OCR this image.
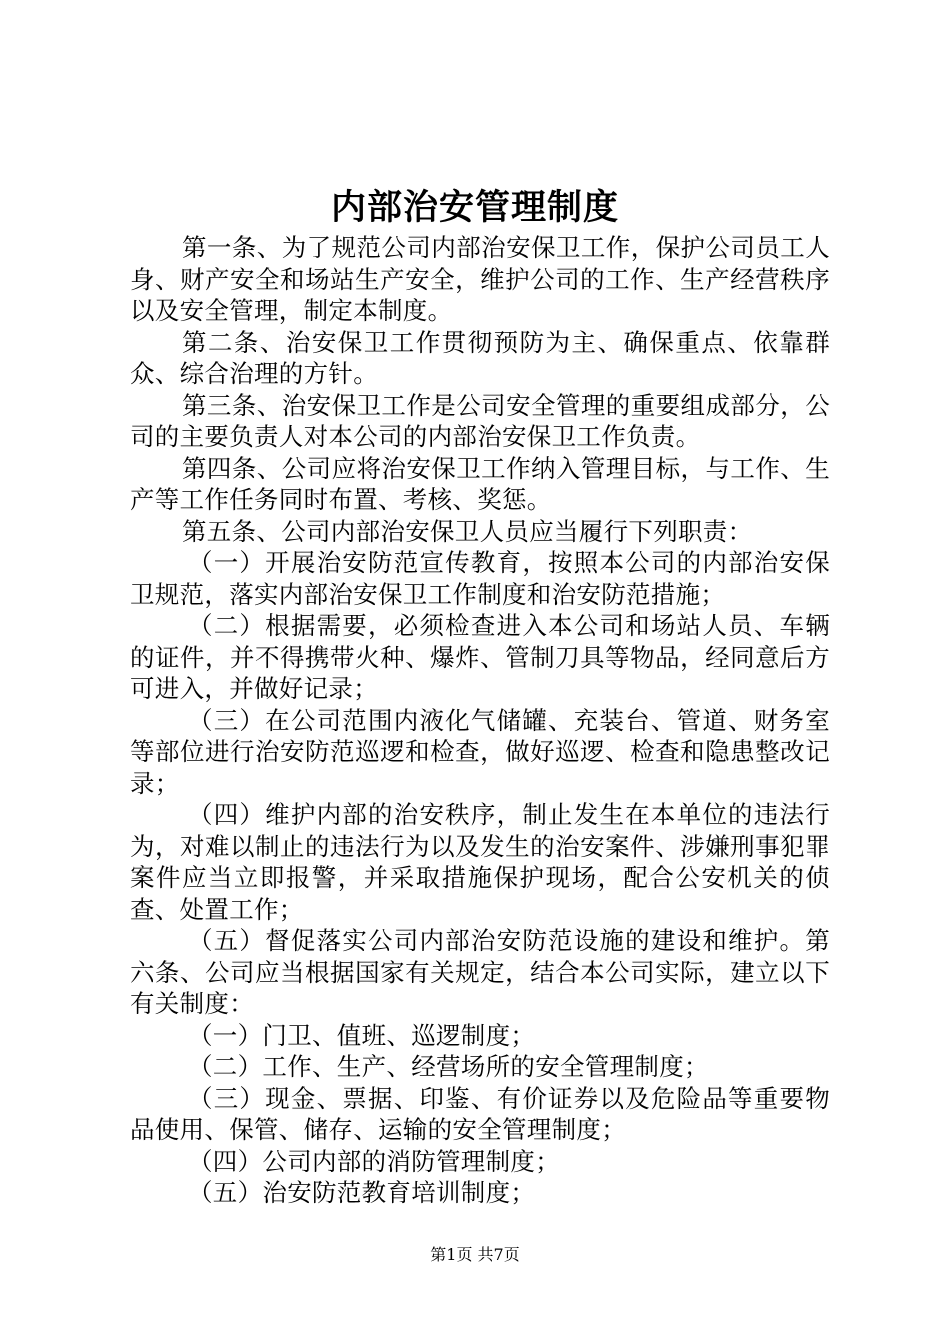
内部治安管理制度

第一条、为了规范公司内部治安保卫工作，保护公司员工人身、财产安全和场站生产安全，维护公司的工作、生产经营秩序以及安全管理，制定本制度。

第二条、治安保卫工作贯彻预防为主、确保重点、依靠群众、综合治理的方针。

第三条、治安保卫工作是公司安全管理的重要组成部分，公司的主要负责人对本公司的内部治安保卫工作负责。

第四条、公司应将治安保卫工作纳入管理目标，与工作、生产等工作任务同时布置、考核、奖惩。

第五条、公司内部治安保卫人员应当履行下列职责：

（一）开展治安防范宣传教育，按照本公司的内部治安保卫规范，落实内部治安保卫工作制度和治安防范措施；

（二）根据需要，必须检查进入本公司和场站人员、车辆的证件，并不得携带火种、爆炸、管制刀具等物品，经同意后方可进入，并做好记录；

（三）在公司范围内液化气储罐、充装台、管道、财务室等部位进行治安防范巡逻和检查，做好巡逻、检查和隐患整改记录；

（四）维护内部的治安秩序，制止发生在本单位的违法行为，对难以制止的违法行为以及发生的治安案件、涉嫌刑事犯罪案件应当立即报警，并采取措施保护现场，配合公安机关的侦查、处置工作；

（五）督促落实公司内部治安防范设施的建设和维护。第六条、公司应当根据国家有关规定，结合本公司实际，建立以下有关制度：

（一）门卫、值班、巡逻制度；

（二）工作、生产、经营场所的安全管理制度；

（三）现金、票据、印鉴、有价证券以及危险品等重要物品使用、保管、储存、运输的安全管理制度；

（四）公司内部的消防管理制度；

（五）治安防范教育培训制度；

第1页 共7页
